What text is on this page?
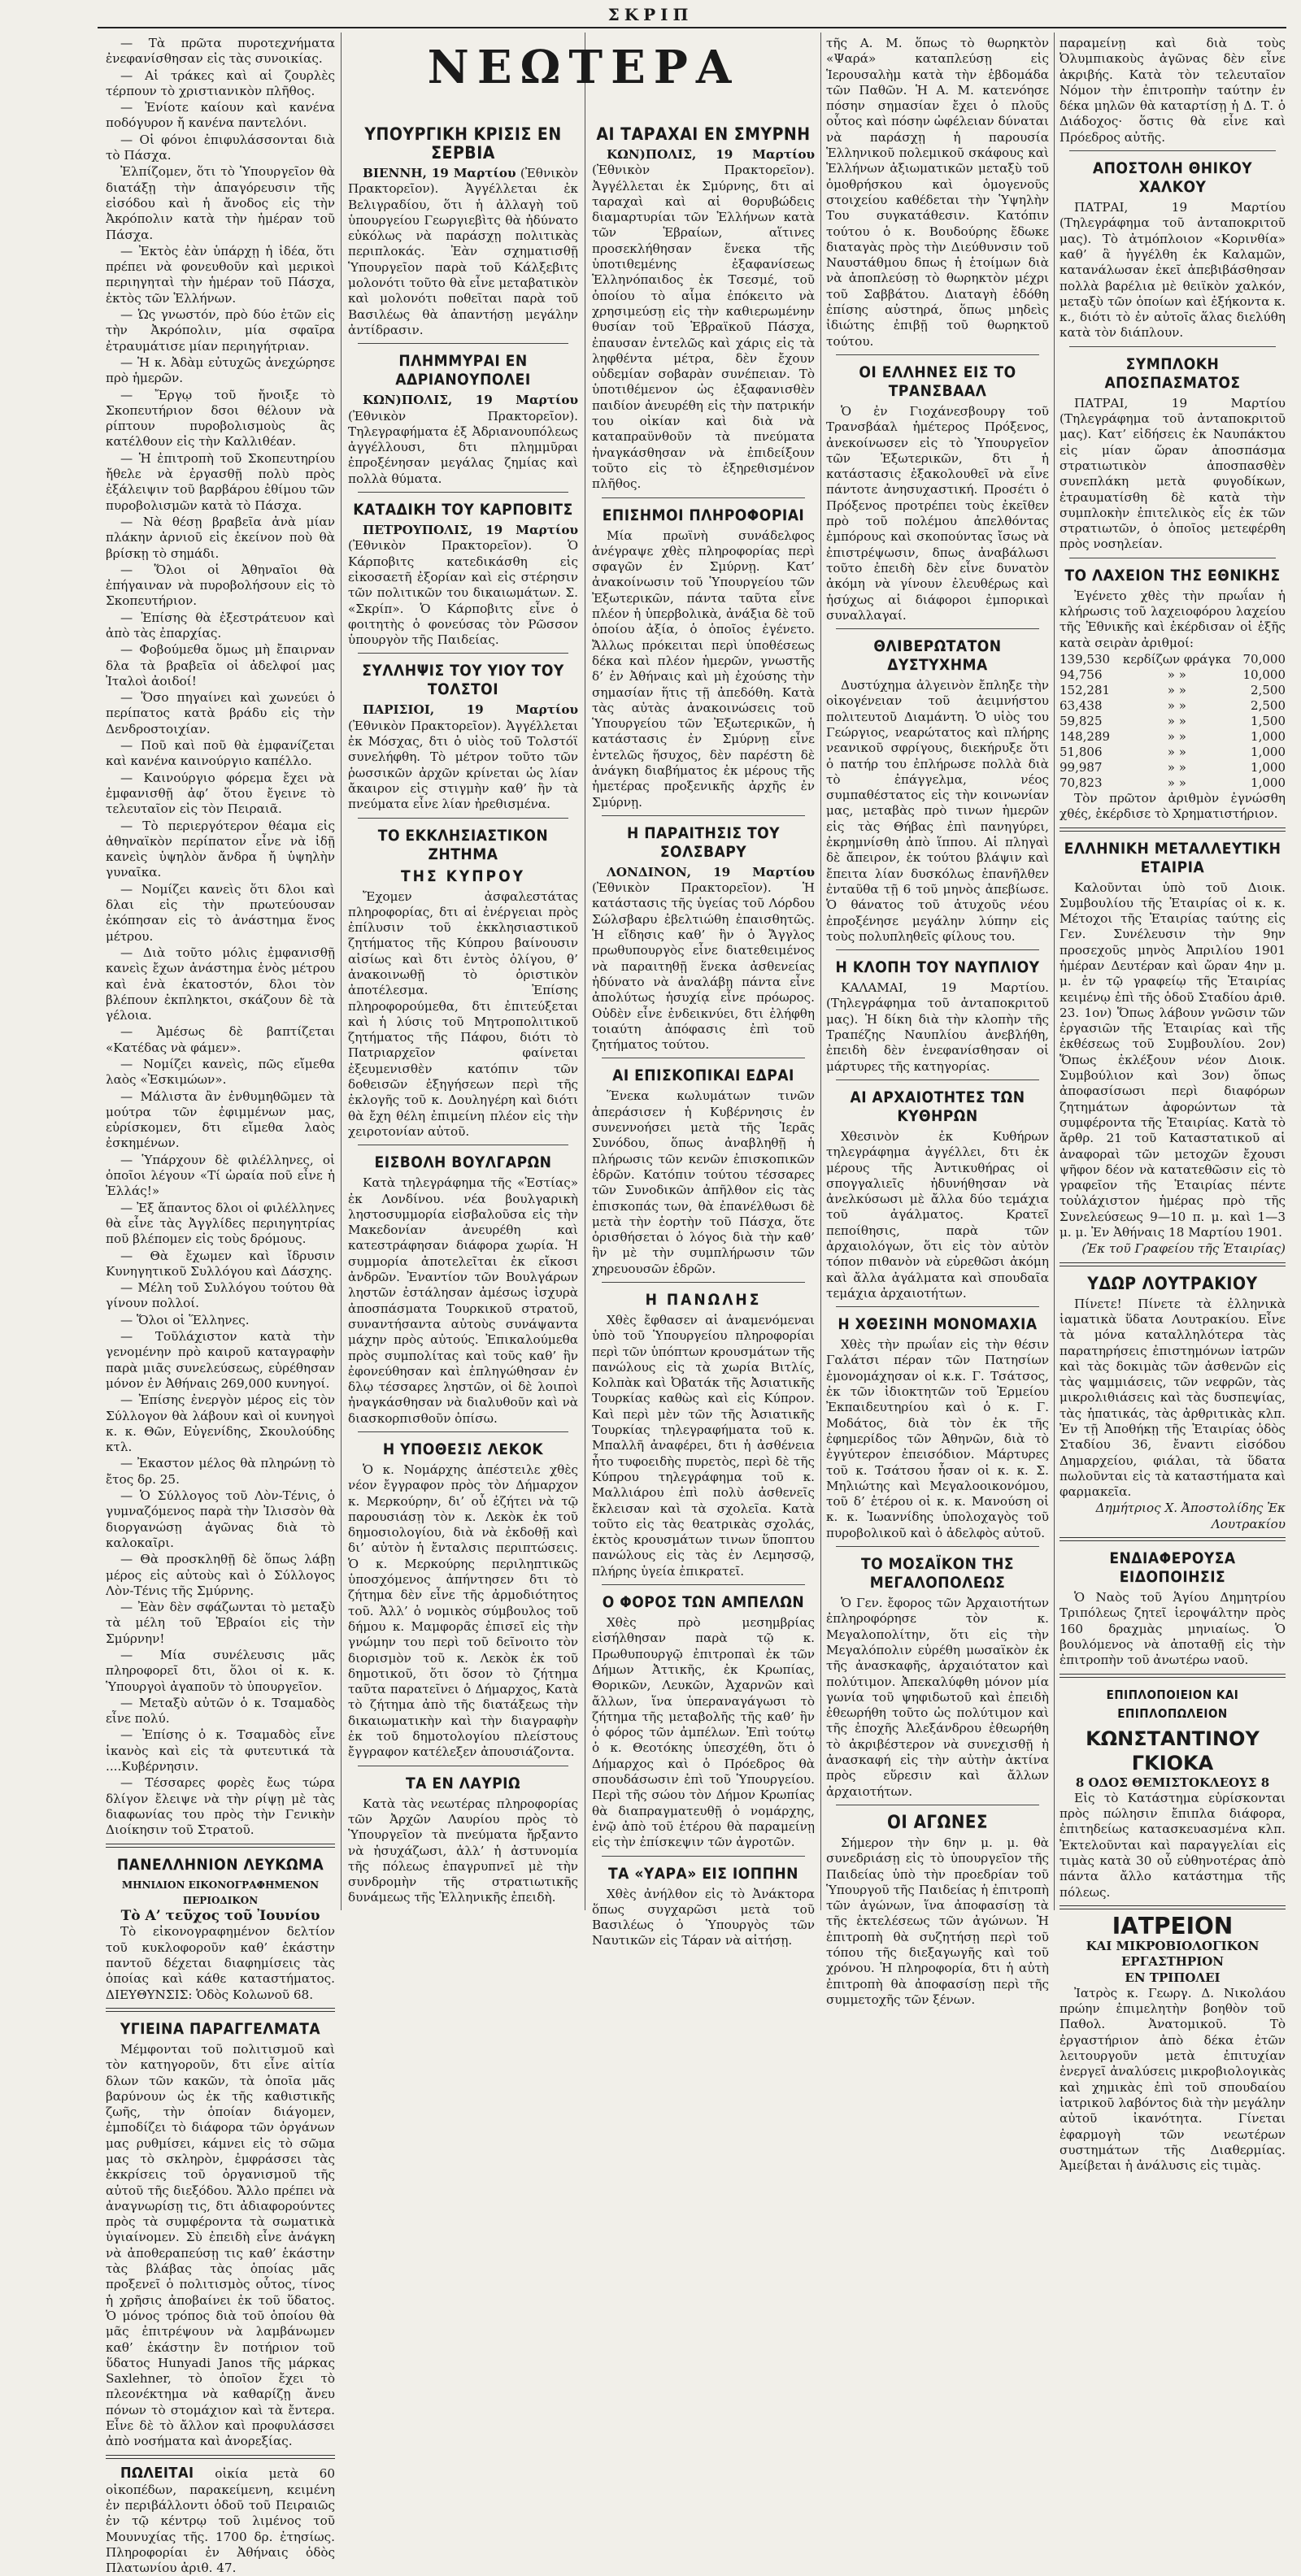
ΣΚΡΙΠ

— Τὰ πρῶτα πυροτεχνήματα ἐνεφανίσθησαν εἰς τὰς συνοικίας.

— Αἱ τράκες καὶ αἱ ζουρλὲς τέρπουν τὸ χριστιανικὸν πλῆθος.

— Ἐνίοτε καίουν καὶ κανένα ποδόγυρον ἤ κανένα παντελόνι.

— Οἱ φόνοι ἐπιφυλάσσονται διὰ τὸ Πάσχα.

Ἐλπίζομεν, ὅτι τὸ Ὑπουργεῖον θὰ διατάξῃ τὴν ἀπαγόρευσιν τῆς εἰσόδου καὶ ἡ ἄνοδος εἰς τὴν Ἀκρόπολιν κατὰ τὴν ἡμέραν τοῦ Πάσχα.

— Ἐκτὸς ἐὰν ὑπάρχῃ ἡ ἰδέα, ὅτι πρέπει νὰ φονευθοῦν καὶ μερικοὶ περιηγηταὶ τὴν ἡμέραν τοῦ Πάσχα, ἐκτὸς τῶν Ἑλλήνων.

— Ὡς γνωστόν, πρὸ δύο ἐτῶν εἰς τὴν Ἀκρόπολιν, μία σφαῖρα ἐτραυμάτισε μίαν περιηγήτριαν.

— Ἡ κ. Ἀδὰμ εὐτυχῶς ἀνεχώρησε πρὸ ἡμερῶν.

— Ἔργῳ τοῦ ἤνοιξε τὸ Σκοπευτήριον δσοι θέλουν νὰ ρίπτουν πυροβολισμοὺς ἂς κατέλθουν εἰς τὴν Καλλιθέαν.

— Ἡ ἐπιτροπὴ τοῦ Σκοπευτηρίου ἤθελε νὰ ἐργασθῇ πολὺ πρὸς ἐξάλειψιν τοῦ βαρβάρου ἐθίμου τῶν πυροβολισμῶν κατὰ τὸ Πάσχα.

— Νὰ θέσῃ βραβεῖα ἀνὰ μίαν πλάκην ἀρνιοῦ εἰς ἐκείνον ποὺ θὰ βρίσκῃ τὸ σημάδι.

— Ὅλοι οἱ Ἀθηναῖοι θὰ ἐπήγαιναν νὰ πυροβολήσουν εἰς τὸ Σκοπευτήριον.

— Ἐπίσης θὰ ἐξεστράτευον καὶ ἀπὸ τὰς ἐπαρχίας.

— Φοβούμεθα ὅμως μὴ ἔπαιρναν δλα τὰ βραβεῖα οἱ ἀδελφοί μας Ἰταλοὶ ἀοιδοί!

— Ὅσο πηγαίνει καὶ χωνεύει ὁ περίπατος κατὰ βράδυ εἰς τὴν Δενδροστοιχίαν.

— Ποῦ καὶ ποῦ θὰ ἐμφανίζεται καὶ κανένα καινούργιο καπέλλο.

— Καινούργιο φόρεμα ἔχει νὰ ἐμφανισθῇ ἀφ’ ὅτου ἔγεινε τὸ τελευταῖον εἰς τὸν Πειραιᾶ.

— Τὸ περιεργότερον θέαμα εἰς ἀθηναϊκὸν περίπατον εἶνε νὰ ἰδῇ κανεὶς ὑψηλὸν ἄνδρα ἤ ὑψηλὴν γυναῖκα.

— Νομίζει κανεὶς ὅτι δλοι καὶ δλαι εἰς τὴν πρωτεύουσαν ἐκόπησαν εἰς τὸ ἀνάστημα ἕνος μέτρου.

— Διὰ τοῦτο μόλις ἐμφανισθῇ κανεὶς ἔχων ἀνάστημα ἑνὸς μέτρου καὶ ἑνὰ ἑκατοστόν, δλοι τὸν βλέπουν ἐκπληκτοι, σκάζουν δὲ τὰ γέλοια.

— Ἀμέσως δὲ βαπτίζεται «Κατέδας νὰ φάμεν».

— Νομίζει κανεὶς, πῶς εἴμεθα λαὸς «Ἐσκιμώων».

— Μάλιστα ἂν ἐνθυμηθῶμεν τὰ μούτρα τῶν ἐφιμμένων μας, εὑρίσκομεν, δτι εἴμεθα λαὸς ἐσκημένων.

— Ὑπάρχουν δὲ φιλέλληνες, οἱ ὁποῖοι λέγουν «Τί ὡραία ποῦ εἶνε ἡ Ἑλλάς!»

— Ἐξ ἅπαντος δλοι οἱ φιλέλληνες θὰ εἶνε τὰς Ἀγγλίδες περιηγητρίας ποῦ βλέπομεν εἰς τοὺς δρόμους.

— Θὰ ἔχωμεν καὶ ἴδρυσιν Κυνηγητικοῦ Συλλόγου καὶ Δάσχης.

— Μέλη τοῦ Συλλόγου τούτου θὰ γίνουν πολλοί.

— Ὅλοι οἱ Ἕλληνες.

— Τοῦλάχιστον κατὰ τὴν γενομένην πρὸ καιροῦ καταγραφὴν παρὰ μιᾶς συνελεύσεως, εὑρέθησαν μόνον ἐν Ἀθήναις 269,000 κυνηγοί.

— Ἐπίσης ἐνεργὸν μέρος εἰς τὸν Σύλλογον θὰ λάβουν καὶ οἱ κυνηγοὶ κ. κ. Θῶν, Εὐγενίδης, Σκουλούδης κτλ.

— Ἐκαστον μέλος θὰ πληρώνῃ τὸ ἔτος δρ. 25.

— Ὁ Σύλλογος τοῦ Λὸν-Τένις, ὁ γυμναζόμενος παρὰ τὴν Ἰλισσὸν θὰ διοργανώσῃ ἀγῶνας διὰ τὸ καλοκαῖρι.

— Θὰ προσκληθῇ δὲ ὅπως λάβῃ μέρος εἰς αὐτοὺς καὶ ὁ Σύλλογος Λὸν-Τένις τῆς Σμύρνης.

— Ἐὰν δὲν σφάζωνται τὸ μεταξὺ τὰ μέλη τοῦ Ἑβραίοι εἰς τὴν Σμύρνην!

— Μία συνέλευσις μᾶς πληροφορεῖ δτι, ὅλοι οἱ κ. κ. Ὑπουργοὶ ἀγαποῦν τὸ ὑπουργεῖον.

— Μεταξὺ αὐτῶν ὁ κ. Τσαμαδὸς εἶνε πολύ.

— Ἐπίσης ὁ κ. Τσαμαδὸς εἶνε ἱκανὸς καὶ εἰς τὰ φυτευτικά τὰ ....Κυβέρνησιν.

— Τέσσαρες φορὲς ἔως τώρα δλίγον ἔλειψε νὰ τὴν ρίψῃ μὲ τὰς διαφωνίας του πρὸς τὴν Γενικὴν Διοίκησιν τοῦ Στρατοῦ.

ΠΑΝΕΛΛΗΝΙΟΝ ΛΕΥΚΩΜΑ
ΜΗΝΙΑΙΟΝ ΕΙΚΟΝΟΓΡΑΦΗΜΕΝΟΝ ΠΕΡΙΟΔΙΚΟΝ
Τὸ Α’ τεῦχος τοῦ Ἰουνίου

Τὸ εἰκονογραφημένον δελτίον τοῦ κυκλοφοροῦν καθ’ ἑκάστην παντοῦ δέχεται διαφημίσεις τὰς ὁποίας καὶ κάθε καταστήματος. ΔΙΕΥΘΥΝΣΙΣ: Ὁδὸς Κολωνοῦ 68.

ΥΓΙΕΙΝΑ ΠΑΡΑΓΓΕΛΜΑΤΑ

Μέμφονται τοῦ πολιτισμοῦ καὶ τὸν κατηγοροῦν, δτι εἶνε αἰτία δλων τῶν κακῶν, τὰ ὁποῖα μᾶς βαρύνουν ὡς ἐκ τῆς καθιστικῆς ζωῆς, τὴν ὁποίαν διάγομεν, ἐμποδίζει τὸ διάφορα τῶν ὀργάνων μας ρυθμίσει, κάμνει εἰς τὸ σῶμα μας τὸ σκληρὸν, ἐμφράσσει τὰς ἐκκρίσεις τοῦ ὀργανισμοῦ τῆς αὐτοῦ τῆς διεξόδου. Ἄλλο πρέπει νὰ ἀναγνωρίσῃ τις, δτι ἀδιαφορούντες πρὸς τὰ συμφέροντα τὰ σωματικὰ ὑγιαίνομεν. Σὺ ἐπειδὴ εἶνε ἀνάγκη νὰ ἀποθεραπεύσῃ τις καθ’ ἑκάστην τὰς βλάβας τὰς ὁποίας μᾶς προξενεῖ ὁ πολιτισμὸς οὗτος, τίνος ἡ χρῆσις ἀποβαίνει ἐκ τοῦ ὕδατος. Ὁ μόνος τρόπος διὰ τοῦ ὁποίου θὰ μᾶς ἐπιτρέψουν νὰ λαμβάνωμεν καθ’ ἑκάστην ἓν ποτήριον τοῦ ὕδατος Hunyadi Janos τῆς μάρκας Saxlehner, τὸ ὁποῖον ἔχει τὸ πλεονέκτημα νὰ καθαρίζῃ ἄνευ πόνων τὸ στομάχιον καὶ τὰ ἔντερα. Εἶνε δὲ τὸ ἄλλον καὶ προφυλάσσει ἀπὸ νοσήματα καὶ ἀνορεξίας.

ΠΩΛΕΙΤΑΙ οἰκία μετὰ 60 οἰκοπέδων, παρακείμενη, κειμένη ἐν περιβάλλοντι ὁδοῦ τοῦ Πειραιῶς ἐν τῷ κέντρῳ τοῦ λιμένος τοῦ Μουνυχίας τῆς. 1700 δρ. ἐτησίως. Πληροφορίαι ἐν Ἀθήναις ὁδὸς Πλατωνίου ἀριθ. 47.

ΝΕΩΤΕΡΑ
ΥΠΟΥΡΓΙΚΗ ΚΡΙΣΙΣ ΕΝ ΣΕΡΒΙΑ

ΒΙΕΝΝΗ, 19 Μαρτίου (Ἐθνικὸν Πρακτορεῖον). Ἀγγέλλεται ἐκ Βελιγραδίου, ὅτι ἡ ἀλλαγὴ τοῦ ὑπουργείου Γεωργιεβὶτς θὰ ἠδύνατο εὐκόλως νὰ παράσχῃ πολιτικὰς περιπλοκάς. Ἐὰν σχηματισθῇ Ὑπουργεῖον παρὰ τοῦ Κάλξεβιτς μολονότι τοῦτο θὰ εἶνε μεταβατικὸν καὶ μολονότι ποθεῖται παρὰ τοῦ Βασιλέως θὰ ἀπαντήσῃ μεγάλην ἀντίδρασιν.

ΠΛΗΜΜΥΡΑΙ ΕΝ ΑΔΡΙΑΝΟΥΠΟΛΕΙ

ΚΩΝ)ΠΟΛΙΣ, 19 Μαρτίου (Ἐθνικὸν Πρακτορεῖον). Τηλεγραφήματα ἐξ Ἀδριανουπόλεως ἀγγέλλουσι, δτι πλημμῦραι ἐπροξένησαν μεγάλας ζημίας καὶ πολλὰ θύματα.

ΚΑΤΑΔΙΚΗ ΤΟΥ ΚΑΡΠΟΒΙΤΣ

ΠΕΤΡΟΥΠΟΛΙΣ, 19 Μαρτίου (Ἐθνικὸν Πρακτορεῖον). Ὁ Κάρποβιτς κατεδικάσθη εἰς εἰκοσαετῆ ἐξορίαν καὶ εἰς στέρησιν τῶν πολιτικῶν του δικαιωμάτων. Σ. «Σκρίπ». Ὁ Κάρποβιτς εἶνε ὁ φοιτητὴς ὁ φονεύσας τὸν Ρῶσσον ὑπουργὸν τῆς Παιδείας.

ΣΥΛΛΗΨΙΣ ΤΟΥ ΥΙΟΥ ΤΟΥ ΤΟΛΣΤΟΙ

ΠΑΡΙΣΙΟΙ, 19 Μαρτίου (Ἐθνικὸν Πρακτορεῖον). Ἀγγέλλεται ἐκ Μόσχας, δτι ὁ υἱὸς τοῦ Τολστόϊ συνελήφθη. Τὸ μέτρον τοῦτο τῶν ῥωσσικῶν ἀρχῶν κρίνεται ὡς λίαν ἄκαιρον εἰς στιγμὴν καθ’ ἣν τὰ πνεύματα εἶνε λίαν ἠρεθισμένα.

ΤΟ ΕΚΚΛΗΣΙΑΣΤΙΚΟΝ ΖΗΤΗΜΑ
ΤΗΣ ΚΥΠΡΟΥ

Ἔχομεν ἀσφαλεστάτας πληροφορίας, δτι αἱ ἐνέργειαι πρὸς ἐπίλυσιν τοῦ ἐκκλησιαστικοῦ ζητήματος τῆς Κύπρου βαίνουσιν αἰσίως καὶ δτι ἐντὸς ὀλίγου, θ’ ἀνακοινωθῇ τὸ ὁριστικὸν ἀποτέλεσμα. Ἐπίσης πληροφορούμεθα, δτι ἐπιτεύξεται καὶ ἡ λύσις τοῦ Μητροπολιτικοῦ ζητήματος τῆς Πάφου, διότι τὸ Πατριαρχεῖον φαίνεται ἐξευμενισθὲν κατόπιν τῶν δοθεισῶν ἐξηγήσεων περὶ τῆς ἐκλογῆς τοῦ κ. Δουληγέρη καὶ διότι θὰ ἔχη θέλη ἐπιμείνη πλέον εἰς τὴν χειροτονίαν αὐτοῦ.

ΕΙΣΒΟΛΗ ΒΟΥΛΓΑΡΩΝ

Κατὰ τηλεγράφημα τῆς «Ἑστίας» ἐκ Λονδίνου. νέα βουλγαρικὴ ληστοσυμμορία εἰσβαλοῦσα εἰς τὴν Μακεδονίαν ἀνευρέθη καὶ κατεστράφησαν διάφορα χωρία. Ἡ συμμορία ἀποτελεῖται ἐκ εἴκοσι ἀνδρῶν. Ἐναντίον τῶν Βουλγάρων ληστῶν ἐστάλησαν ἀμέσως ἰσχυρὰ ἀποσπάσματα Τουρκικοῦ στρατοῦ, συναντήσαντα αὐτοὺς συνάψαντα μάχην πρὸς αὐτούς. Ἐπικαλούμεθα πρὸς συμπολίτας καὶ τοῦς καθ’ ἣν ἐφονεύθησαν καὶ ἐπληγώθησαν ἐν δλῳ τέσσαρες ληστῶν, οἱ δὲ λοιποὶ ἠναγκάσθησαν νὰ διαλυθοῦν καὶ νὰ διασκορπισθοῦν ὀπίσω.

Η ΥΠΟΘΕΣΙΣ ΛΕΚΟΚ

Ὁ κ. Νομάρχης ἀπέστειλε χθὲς νέον ἔγγραφον πρὸς τὸν Δήμαρχον κ. Μερκούρην, δι’ οὗ ἐζήτει νὰ τῷ παρουσιάσῃ τὸν κ. Λεκὸκ ἐκ τοῦ δημοσιολογίου, διὰ νὰ ἐκδοθῇ καὶ δι’ αὐτὸν ἡ ἔνταλσις περιπτώσεις. Ὁ κ. Μερκούρης περιληπτικῶς ὑποσχόμενος ἀπήντησεν δτι τὸ ζήτημα δὲν εἶνε τῆς ἀρμοδιότητος τοῦ. Ἀλλ’ ὁ νομικὸς σύμβουλος τοῦ δήμου κ. Μαμφορᾶς ἐπισεῖ εἰς τὴν γνώμην του περὶ τοῦ δεῖνοιτο τὸν διορισμὸν τοῦ κ. Λεκὸκ ἐκ τοῦ δημοτικοῦ, ὅτι ὅσον τὸ ζήτημα ταῦτα παρατεῖνει ὁ Δήμαρχος, Κατὰ τὸ ζήτημα ἀπὸ τῆς διατάξεως τὴν δικαιωματικὴν καὶ τὴν διαγραφὴν ἐκ τοῦ δημοτολογίου πλείστους ἔγγραφον κατέλεξεν ἀπουσιάζοντα.

ΤΑ ΕΝ ΛΑΥΡΙΩ

Κατὰ τὰς νεωτέρας πληροφορίας τῶν Ἀρχῶν Λαυρίου πρὸς τὸ Ὑπουργεῖον τὰ πνεύματα ἤρξαντο νὰ ἡσυχάζωσι, ἀλλ’ ἡ ἀστυνομία τῆς πόλεως ἐπαγρυπνεῖ μὲ τὴν συνδρομὴν τῆς στρατιωτικῆς δυνάμεως τῆς Ἑλληνικῆς ἐπειδὴ.

ΑΙ ΤΑΡΑΧΑΙ ΕΝ ΣΜΥΡΝΗ

ΚΩΝ)ΠΟΛΙΣ, 19 Μαρτίου (Ἐθνικὸν Πρακτορεῖον). Ἀγγέλλεται ἐκ Σμύρνης, δτι αἱ ταραχαὶ καὶ αἱ θορυβώδεις διαμαρτυρίαι τῶν Ἑλλήνων κατὰ τῶν Ἑβραίων, αἵτινες προσεκλήθησαν ἕνεκα τῆς ὑποτιθεμένης ἐξαφανίσεως Ἑλληνόπαιδος ἐκ Τσεσμέ, τοῦ ὁποίου τὸ αἷμα ἐπόκειτο νὰ χρησιμεύσῃ εἰς τὴν καθιερωμένην θυσίαν τοῦ Ἑβραϊκοῦ Πάσχα, ἐπαυσαν ἐντελῶς καὶ χάρις εἰς τὰ ληφθέντα μέτρα, δὲν ἔχουν οὐδεμίαν σοβαρὰν συνέπειαν. Τὸ ὑποτιθέμενον ὡς ἐξαφανισθὲν παιδίον ἀνευρέθη εἰς τὴν πατρικήν του οἰκίαν καὶ διὰ νὰ καταπραϋνθοῦν τὰ πνεύματα ἠναγκάσθησαν νὰ ἐπιδείξουν τοῦτο εἰς τὸ ἐξηρεθισμένον πλῆθος.

ΕΠΙΣΗΜΟΙ ΠΛΗΡΟΦΟΡΙΑΙ

Μία πρωϊνὴ συνάδελφος ἀνέγραψε χθὲς πληροφορίας περὶ σφαγῶν ἐν Σμύρνῃ. Κατ’ ἀνακοίνωσιν τοῦ Ὑπουργείου τῶν Ἐξωτερικῶν, πάντα ταῦτα εἶνε πλέον ἡ ὑπερβολικὰ, ἀνάξια δὲ τοῦ ὁποίου ἀξία, ὁ ὁποῖος ἐγένετο. Ἄλλως πρόκειται περὶ ὑποθέσεως δέκα καὶ πλέον ἡμερῶν, γνωστῆς δ’ ἐν Ἀθήναις καὶ μὴ ἐχούσης τὴν σημασίαν ἥτις τῇ ἀπεδόθη. Κατὰ τὰς αὐτὰς ἀνακοινώσεις τοῦ Ὑπουργείου τῶν Ἐξωτερικῶν, ἡ κατάστασις ἐν Σμύρνῃ εἶνε ἐντελῶς ἥσυχος, δὲν παρέστη δὲ ἀνάγκη διαβήματος ἐκ μέρους τῆς ἡμετέρας προξενικῆς ἀρχῆς ἐν Σμύρνῃ.

Η ΠΑΡΑΙΤΗΣΙΣ ΤΟΥ ΣΟΛΣΒΑΡΥ

ΛΟΝΔΙΝΟΝ, 19 Μαρτίου (Ἐθνικὸν Πρακτορεῖον). Ἡ κατάστασις τῆς ὑγείας τοῦ Λόρδου Σώλσβαρυ ἐβελτιώθη ἐπαισθητῶς. Ἡ εἴδησις καθ’ ἣν ὁ Ἄγγλος πρωθυπουργὸς εἶνε διατεθειμένος νὰ παραιτηθῇ ἕνεκα ἀσθενείας ἠδύνατο νὰ ἀναλάβῃ πάντα εἶνε ἀπολύτως ἡσυχίᾳ εἶνε πρόωρος. Οὐδὲν εἶνε ἐνδεικνύει, δτι ἐλήφθη τοιαύτη ἀπόφασις ἐπὶ τοῦ ζητήματος τούτου.

ΑΙ ΕΠΙΣΚΟΠΙΚΑΙ ΕΔΡΑΙ

Ἕνεκα κωλυμάτων τινῶν ἀπεράσισεν ἡ Κυβέρνησις ἐν συνεννοήσει μετὰ τῆς Ἱερᾶς Συνόδου, ὅπως ἀναβληθῇ ἡ πλήρωσις τῶν κενῶν ἐπισκοπικῶν ἐδρῶν. Κατόπιν τούτου τέσσαρες τῶν Συνοδικῶν ἀπῆλθον εἰς τὰς ἐπισκοπάς των, θὰ ἐπανέλθωσι δὲ μετὰ τὴν ἑορτὴν τοῦ Πάσχα, ὅτε ὁρισθήσεται ὁ λόγος διὰ τὴν καθ’ ἣν μὲ τὴν συμπλήρωσιν τῶν χηρευουσῶν ἐδρῶν.

Η ΠΑΝΩΛΗΣ

Χθὲς ἔφθασεν αἱ ἀναμενόμεναι ὑπὸ τοῦ Ὑπουργείου πληροφορίαι περὶ τῶν ὑπόπτων κρουσμάτων τῆς πανώλους εἰς τὰ χωρία Βιτλίς, Κολπὰκ καὶ Ὀβατάκ τῆς Ἀσιατικῆς Τουρκίας καθὼς καὶ εἰς Κύπρον. Καὶ περὶ μὲν τῶν τῆς Ἀσιατικῆς Τουρκίας τηλεγραφήματα τοῦ κ. Μπαλλῆ ἀναφέρει, δτι ἡ ἀσθένεια ἦτο τυφοειδὴς πυρετὸς, περὶ δὲ τῆς Κύπρου τηλεγράφημα τοῦ κ. Μαλλιάρου ἐπὶ πολὺ ἀσθενεῖς ἔκλεισαν καὶ τὰ σχολεῖα. Κατὰ τοῦτο εἰς τὰς θεατρικὰς σχολάς, ἐκτὸς κρουσμάτων τινων ὕποπτου πανώλους εἰς τὰς ἐν Λεμησσῷ, πλήρης ὑγεία ἐπικρατεῖ.

Ο ΦΟΡΟΣ ΤΩΝ ΑΜΠΕΛΩΝ

Χθὲς πρὸ μεσημβρίας εἰσήλθησαν παρὰ τῷ κ. Πρωθυπουργῷ ἐπιτροπαὶ ἐκ τῶν Δήμων Ἀττικῆς, ἐκ Κρωπίας, Θορικῶν, Λευκῶν, Ἀχαρνῶν καὶ ἄλλων, ἵνα ὑπεραναγάγωσι τὸ ζήτημα τῆς μεταβολῆς τῆς καθ’ ἣν ὁ φόρος τῶν ἀμπέλων. Ἐπὶ τούτῳ ὁ κ. Θεοτόκης ὑπεσχέθη, ὅτι ὁ Δήμαρχος καὶ ὁ Πρόεδρος θὰ σπουδάσωσιν ἐπὶ τοῦ Ὑπουργείου. Περὶ τῆς σώου τὸν Δήμον Κρωπίας θὰ διαπραγματευθῇ ὁ νομάρχης, ἐνῷ ἀπὸ τοῦ ἑτέρου θὰ παραμείνῃ εἰς τὴν ἐπίσκεψιν τῶν ἀγροτῶν.

ΤΑ «ΥΑΡΑ» ΕΙΣ ΙΟΠΠΗΝ

Χθὲς ἀνήλθον εἰς τὸ Ἀνάκτορα ὅπως συγχαρῶσι μετὰ τοῦ Βασιλέως ὁ Ὑπουργὸς τῶν Ναυτικῶν εἰς Τάραν νὰ αἰτήσῃ.

τῆς Α. Μ. ὅπως τὸ θωρηκτὸν «Ψαρά» καταπλεύσῃ εἰς Ἱερουσαλὴμ κατὰ τὴν ἑβδομάδα τῶν Παθῶν. Ἡ Α. Μ. κατενόησε πόσην σημασίαν ἔχει ὁ πλοῦς οὗτος καὶ πόσην ὠφέλειαν δύναται νὰ παράσχῃ ἡ παρουσία Ἑλληνικοῦ πολεμικοῦ σκάφους καὶ Ἑλλήνων ἀξιωματικῶν μεταξὺ τοῦ ὁμοθρήσκου καὶ ὁμογενοῦς στοιχείου καθέδεται τὴν Ὑψηλὴν Του συγκατάθεσιν. Κατόπιν τούτου ὁ κ. Βουδούρης ἔδωκε διαταγὰς πρὸς τὴν Διεύθυνσιν τοῦ Ναυστάθμου δπως ἡ ἑτοίμων διὰ νὰ ἀποπλεύσῃ τὸ θωρηκτὸν μέχρι τοῦ Σαββάτου. Διαταγὴ ἐδόθη ἐπίσης αὐστηρά, ὅπως μηδεὶς ἰδιώτης ἐπιβῇ τοῦ θωρηκτοῦ τούτου.

ΟΙ ΕΛΛΗΝΕΣ ΕΙΣ ΤΟ ΤΡΑΝΣΒΑΑΛ

Ὁ ἐν Γιοχάνεσβουργ τοῦ Τρανσβάαλ ἡμέτερος Πρόξενος, ἀνεκοίνωσεν εἰς τὸ Ὑπουργεῖον τῶν Ἐξωτερικῶν, δτι ἡ κατάστασις ἐξακολουθεῖ νὰ εἶνε πάντοτε ἀνησυχαστική. Προσέτι ὁ Πρόξενος προτρέπει τοὺς ἐκεῖθεν πρὸ τοῦ πολέμου ἀπελθόντας ἐμπόρους καὶ σκοπούντας ἴσως νὰ ἐπιστρέψωσιν, δπως ἀναβάλωσι τοῦτο ἐπειδὴ δὲν εἶνε δυνατὸν ἀκόμη νὰ γίνουν ἐλευθέρως καὶ ἡσύχως αἱ διάφοροι ἐμπορικαὶ συναλλαγαί.

ΘΛΙΒΕΡΩΤΑΤΟΝ ΔΥΣΤΥΧΗΜΑ

Δυστύχημα ἀλγεινὸν ἔπληξε τὴν οἰκογένειαν τοῦ ἀειμνήστου πολιτευτοῦ Διαμάντη. Ὁ υἱὸς του Γεώργιος, νεαρώτατος καὶ πλήρης νεανικοῦ σφρίγους, διεκήρυξε ὅτι ὁ πατήρ του ἐπλήρωσε πολλὰ διὰ τὸ ἐπάγγελμα, νέος συμπαθέστατος εἰς τὴν κοινωνίαν μας, μεταβὰς πρὸ τινων ἡμερῶν εἰς τὰς Θήβας ἐπὶ πανηγύρει, ἐκρημνίσθη ἀπὸ ἵππου. Αἱ πληγαὶ δὲ ἄπειρον, ἐκ τούτου βλάψιν καὶ ἔπειτα λίαν δυσκόλως ἐπανῆλθεν ἐνταῦθα τῇ 6 τοῦ μηνὸς ἀπεβίωσε. Ὁ θάνατος τοῦ ἀτυχοῦς νέου ἐπροξένησε μεγάλην λύπην εἰς τοὺς πολυπληθεῖς φίλους του.

Η ΚΛΟΠΗ ΤΟΥ ΝΑΥΠΛΙΟΥ

ΚΑΛΑΜΑΙ, 19 Μαρτίου. (Τηλεγράφημα τοῦ ἀνταποκριτοῦ μας). Ἡ δίκη διὰ τὴν κλοπὴν τῆς Τραπέζης Ναυπλίου ἀνεβλήθη, ἐπειδὴ δὲν ἐνεφανίσθησαν οἱ μάρτυρες τῆς κατηγορίας.

ΑΙ ΑΡΧΑΙΟΤΗΤΕΣ ΤΩΝ ΚΥΘΗΡΩΝ

Χθεσινὸν ἐκ Κυθήρων τηλεγράφημα ἀγγέλλει, δτι ἐκ μέρους τῆς Ἀντικυθήρας οἱ σπογγαλιεῖς ἠδυνήθησαν νὰ ἀνελκύσωσι μὲ ἄλλα δύο τεμάχια τοῦ ἀγάλματος. Κρατεῖ πεποίθησις, παρὰ τῶν ἀρχαιολόγων, ὅτι εἰς τὸν αὐτὸν τόπον πιθανὸν νὰ εὑρεθῶσι ἀκόμη καὶ ἄλλα ἀγάλματα καὶ σπουδαῖα τεμάχια ἀρχαιοτήτων.

Η ΧΘΕΣΙΝΗ ΜΟΝΟΜΑΧΙΑ

Χθὲς τὴν πρωΐαν εἰς τὴν θέσιν Γαλάτσι πέραν τῶν Πατησίων ἐμονομάχησαν οἱ κ.κ. Γ. Τσάτσος, ἐκ τῶν ἰδιοκτητῶν τοῦ Ἐρμείου Ἐκπαιδευτηρίου καὶ ὁ κ. Γ. Μοδάτος, διὰ τὸν ἐκ τῆς ἐφημερίδος τῶν Ἀθηνῶν, διὰ τὸ ἐγγύτερον ἐπεισόδιον. Μάρτυρες τοῦ κ. Τσάτσου ἦσαν οἱ κ. κ. Σ. Μηλιώτης καὶ Μεγαλοοικονόμου, τοῦ δ’ ἑτέρου οἱ κ. κ. Μανούση οἱ κ. κ. Ἰωαννίδης ὑπολοχαγὸς τοῦ πυροβολικοῦ καὶ ὁ ἀδελφὸς αὐτοῦ.

ΤΟ ΜΟΣΑΪΚΟΝ ΤΗΣ ΜΕΓΑΛΟΠΟΛΕΩΣ

Ὁ Γεν. ἔφορος τῶν Ἀρχαιοτήτων ἐπληροφόρησε τὸν κ. Μεγαλοπολίτην, ὅτι εἰς τὴν Μεγαλόπολιν εὑρέθη μωσαϊκὸν ἐκ τῆς ἀνασκαφῆς, ἀρχαιότατον καὶ πολύτιμον. Ἀπεκαλύφθη μόνον μία γωνία τοῦ ψηφιδωτοῦ καὶ ἐπειδὴ ἐθεωρήθη τοῦτο ὡς πολύτιμον καὶ τῆς ἐποχῆς Ἀλεξάνδρου ἐθεωρήθη τὸ ἀκριβέστερον νὰ συνεχισθῇ ἡ ἀνασκαφή εἰς τὴν αὐτὴν ἀκτίνα πρὸς εὕρεσιν καὶ ἄλλων ἀρχαιοτήτων.

ΟΙ ΑΓΩΝΕΣ

Σήμερον τὴν 6ην μ. μ. θὰ συνεδριάσῃ εἰς τὸ ὑπουργεῖον τῆς Παιδείας ὑπὸ τὴν προεδρίαν τοῦ Ὑπουργοῦ τῆς Παιδείας ἡ ἐπιτροπὴ τῶν ἀγώνων, ἵνα ἀποφασίσῃ τὰ τῆς ἐκτελέσεως τῶν ἀγώνων. Ἡ ἐπιτροπὴ θὰ συζητήσῃ περὶ τοῦ τόπου τῆς διεξαγωγῆς καὶ τοῦ χρόνου. Ἡ πληροφορία, δτι ἡ αὐτὴ ἐπιτροπὴ θὰ ἀποφασίσῃ περὶ τῆς συμμετοχῆς τῶν ξένων.

παραμείνῃ καὶ διὰ τοὺς Ὀλυμπιακοὺς ἀγῶνας δὲν εἶνε ἀκριβής. Κατὰ τὸν τελευταῖον Νόμον τὴν ἐπιτροπὴν ταύτην ἐν δέκα μηλῶν θὰ καταρτίσῃ ἡ Δ. Τ. ὁ Διάδοχος· ὅστις θὰ εἶνε καὶ Πρόεδρος αὐτῆς.

ΑΠΟΣΤΟΛΗ ΘΗΙΚΟΥ ΧΑΛΚΟΥ

ΠΑΤΡΑΙ, 19 Μαρτίου (Τηλεγράφημα τοῦ ἀνταποκριτοῦ μας). Τὸ ἀτμόπλοιον «Κορινθία» καθ’ ἃ ἠγγέλθη ἐκ Καλαμῶν, κατανάλωσαν ἐκεῖ ἀπεβιβάσθησαν πολλὰ βαρέλια μὲ θειϊκὸν χαλκόν, μεταξὺ τῶν ὁποίων καὶ ἐξήκοντα κ. κ., διότι τὸ ἐν αὐτοῖς ἅλας διελύθη κατὰ τὸν διάπλουν.

ΣΥΜΠΛΟΚΗ ΑΠΟΣΠΑΣΜΑΤΟΣ

ΠΑΤΡΑΙ, 19 Μαρτίου (Τηλεγράφημα τοῦ ἀνταποκριτοῦ μας). Κατ’ εἰδήσεις ἐκ Ναυπάκτου εἰς μίαν ὥραν ἀποσπάσμα στρατιωτικὸν ἀποσπασθὲν συνεπλάκη μετὰ φυγοδίκων, ἐτραυματίσθη δὲ κατὰ τὴν συμπλοκὴν ἐπιτελικὸς εἷς ἐκ τῶν στρατιωτῶν, ὁ ὁποῖος μετεφέρθη πρὸς νοσηλείαν.

ΤΟ ΛΑΧΕΙΟΝ ΤΗΣ ΕΘΝΙΚΗΣ

Ἐγένετο χθὲς τὴν πρωΐαν ἡ κλήρωσις τοῦ λαχειοφόρου λαχείου τῆς Ἐθνικῆς καὶ ἐκέρδισαν οἱ ἑξῆς κατὰ σειρὰν ἀριθμοί:

139,530	κερδίζων φράγκα	70,000
94,756	» »	10,000
152,281	» »	2,500
63,438	» »	2,500
59,825	» »	1,500
148,289	» »	1,000
51,806	» »	1,000
99,987	» »	1,000
70,823	» »	1,000

Τὸν πρῶτον ἀριθμὸν ἐγνώσθη χθές, ἐκέρδισε τὸ Χρηματιστήριον.

ΕΛΛΗΝΙΚΗ ΜΕΤΑΛΛΕΥΤΙΚΗ ΕΤΑΙΡΙΑ

Καλοῦνται ὑπὸ τοῦ Διοικ. Συμβουλίου τῆς Ἑταιρίας οἱ κ. κ. Μέτοχοι τῆς Ἑταιρίας ταύτης εἰς Γεν. Συνέλευσιν τὴν 9ην προσεχοῦς μηνὸς Ἀπριλίου 1901 ἡμέραν Δευτέραν καὶ ὥραν 4ην μ. μ. ἐν τῷ γραφείῳ τῆς Ἑταιρίας κειμένῳ ἐπὶ τῆς ὁδοῦ Σταδίου ἀριθ. 23. 1ον) Ὅπως λάβουν γνῶσιν τῶν ἐργασιῶν τῆς Ἑταιρίας καὶ τῆς ἐκθέσεως τοῦ Συμβουλίου. 2ον) Ὅπως ἐκλέξουν νέον Διοικ. Συμβούλιον καὶ 3ον) ὅπως ἀποφασίσωσι περὶ διαφόρων ζητημάτων ἀφορώντων τὰ συμφέροντα τῆς Ἑταιρίας. Κατὰ τὸ ἄρθρ. 21 τοῦ Καταστατικοῦ αἱ ἀναφοραὶ τῶν μετοχῶν ἔχουσι ψῆφον δέον νὰ κατατεθῶσιν εἰς τὸ γραφεῖον τῆς Ἑταιρίας πέντε τοὐλάχιστον ἡμέρας πρὸ τῆς Συνελεύσεως 9—10 π. μ. καὶ 1—3 μ. μ. Ἐν Ἀθήναις 18 Μαρτίου 1901.

(Ἐκ τοῦ Γραφείου τῆς Ἑταιρίας)
ΥΔΩΡ ΛΟΥΤΡΑΚΙΟΥ

Πίνετε! Πίνετε τὰ ἐλληνικὰ ἰαματικὰ ὕδατα Λουτρακίου. Εἶνε τὰ μόνα καταλληλότερα τὰς παρατηρήσεις ἐπιστημόνων ἰατρῶν καὶ τὰς δοκιμὰς τῶν ἀσθενῶν εἰς τὰς ψαμμιάσεις, τῶν νεφρῶν, τὰς μικρολιθιάσεις καὶ τὰς δυσπεψίας, τὰς ἡπατικάς, τὰς ἀρθριτικὰς κλπ. Ἐν τῇ Ἀποθήκῃ τῆς Ἑταιρίας ὁδὸς Σταδίου 36, ἔναντι εἰσόδου Δημαρχείου, φιάλαι, τὰ ὕδατα πωλοῦνται εἰς τὰ καταστήματα καὶ φαρμακεῖα.

Δημήτριος Χ. Ἀποστολίδης Ἐκ Λουτρακίου
ΕΝΔΙΑΦΕΡΟΥΣΑ ΕΙΔΟΠΟΙΗΣΙΣ

Ὁ Ναὸς τοῦ Ἁγίου Δημητρίου Τριπόλεως ζητεῖ ἱεροψάλτην πρὸς 160 δραχμὰς μηνιαίως. Ὁ βουλόμενος νὰ ἀποταθῇ εἰς τὴν ἐπιτροπὴν τοῦ ἀνωτέρω ναοῦ.

ΕΠΙΠΛΟΠΟΙΕΙΟΝ ΚΑΙ ΕΠΙΠΛΟΠΩΛΕΙΟΝ
ΚΩΝΣΤΑΝΤΙΝΟΥ ΓΚΙΟΚΑ
8 ΟΔΟΣ ΘΕΜΙΣΤΟΚΛΕΟΥΣ 8

Εἰς τὸ Κατάστημα εὑρίσκονται πρὸς πώλησιν ἔπιπλα διάφορα, ἐπιτηδείως κατασκευασμένα κλπ. Ἐκτελοῦνται καὶ παραγγελίαι εἰς τιμὰς κατὰ 30 οὖ εὐθηνοτέρας ἀπὸ πάντα ἄλλο κατάστημα τῆς πόλεως.

ΙΑΤΡΕΙΟΝ
ΚΑΙ ΜΙΚΡΟΒΙΟΛΟΓΙΚΟΝ ΕΡΓΑΣΤΗΡΙΟΝ
ΕΝ ΤΡΙΠΟΛΕΙ

Ἰατρὸς κ. Γεωργ. Δ. Νικολάου πρώην ἐπιμελητὴν βοηθὸν τοῦ Παθολ. Ἀνατομικοῦ. Τὸ ἐργαστήριον ἀπὸ δέκα ἐτῶν λειτουργοῦν μετὰ ἐπιτυχίαν ἐνεργεῖ ἀναλύσεις μικροβιολογικὰς καὶ χημικὰς ἐπὶ τοῦ σπουδαίου ἰατρικοῦ λαβόντος διὰ τὴν μεγάλην αὐτοῦ ἰκανότητα. Γίνεται ἐφαρμογὴ τῶν νεωτέρων συστημάτων τῆς Διαθερμίας. Ἀμείβεται ἡ ἀνάλυσις εἰς τιμὰς.
